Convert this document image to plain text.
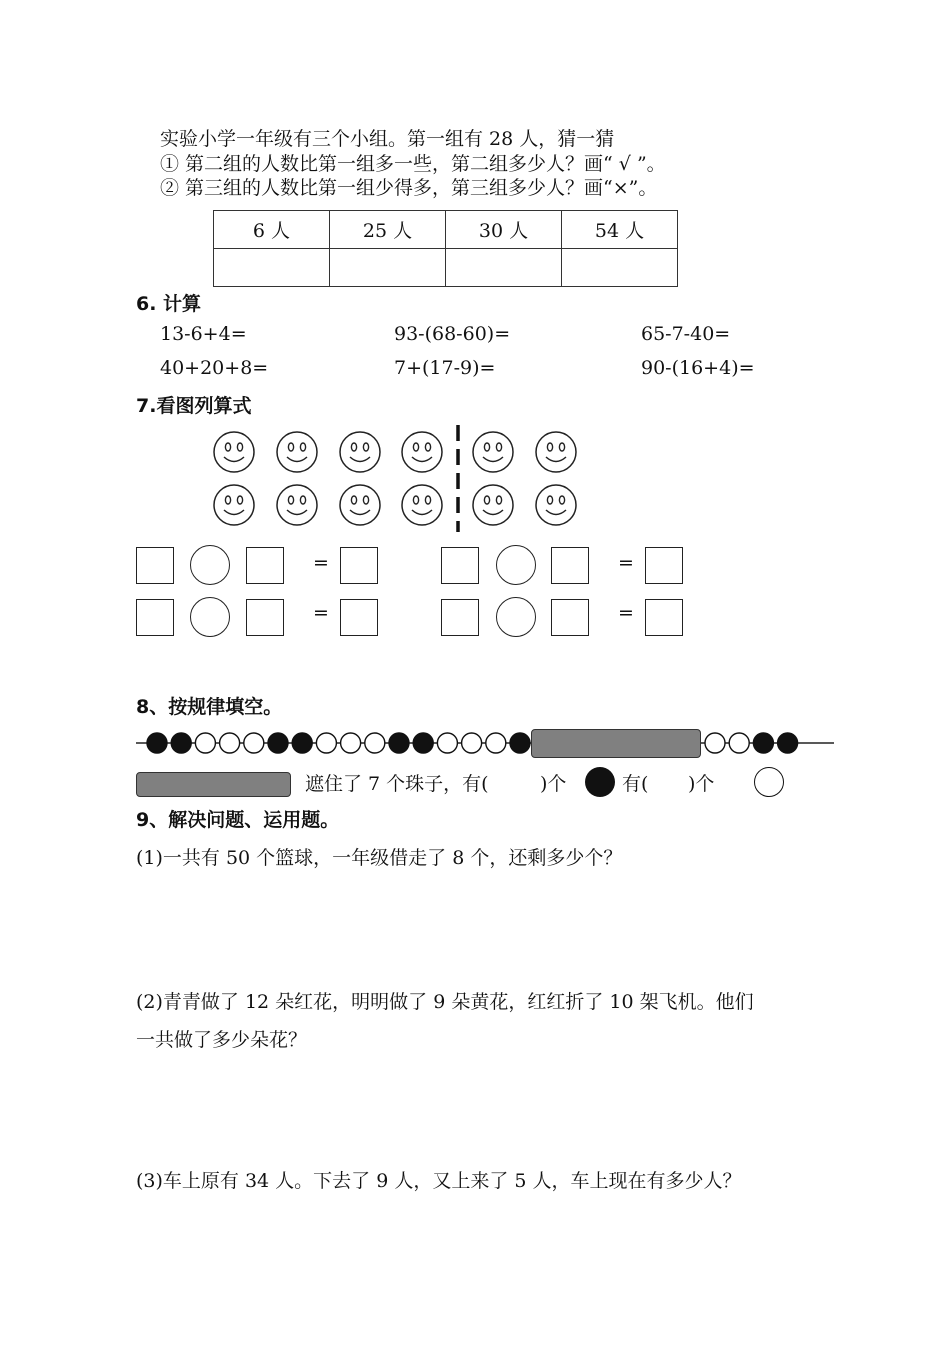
实验小学一年级有三个小组。第一组有 28 人，猜一猜
① 第二组的人数比第一组多一些，第二组多少人？画“ √ ”。
② 第三组的人数比第一组少得多，第三组多少人？画“×”。
6 人	25 人	30 人	54 人

6. 计算
13-6+4=	93-(68-60)=	65-7-40=
40+20+8=	7+(17-9)=	90-(16+4)=
7.看图列算式
=	=
=	=
8、按规律填空。
遮住了 7 个珠子，有(	)个	有( )个
9、解决问题、运用题。
(1)一共有 50 个篮球，一年级借走了 8 个，还剩多少个？
(2)青青做了 12 朵红花，明明做了 9 朵黄花，红红折了 10 架飞机。他们
一共做了多少朵花？
(3)车上原有 34 人。下去了 9 人，又上来了 5 人，车上现在有多少人？
